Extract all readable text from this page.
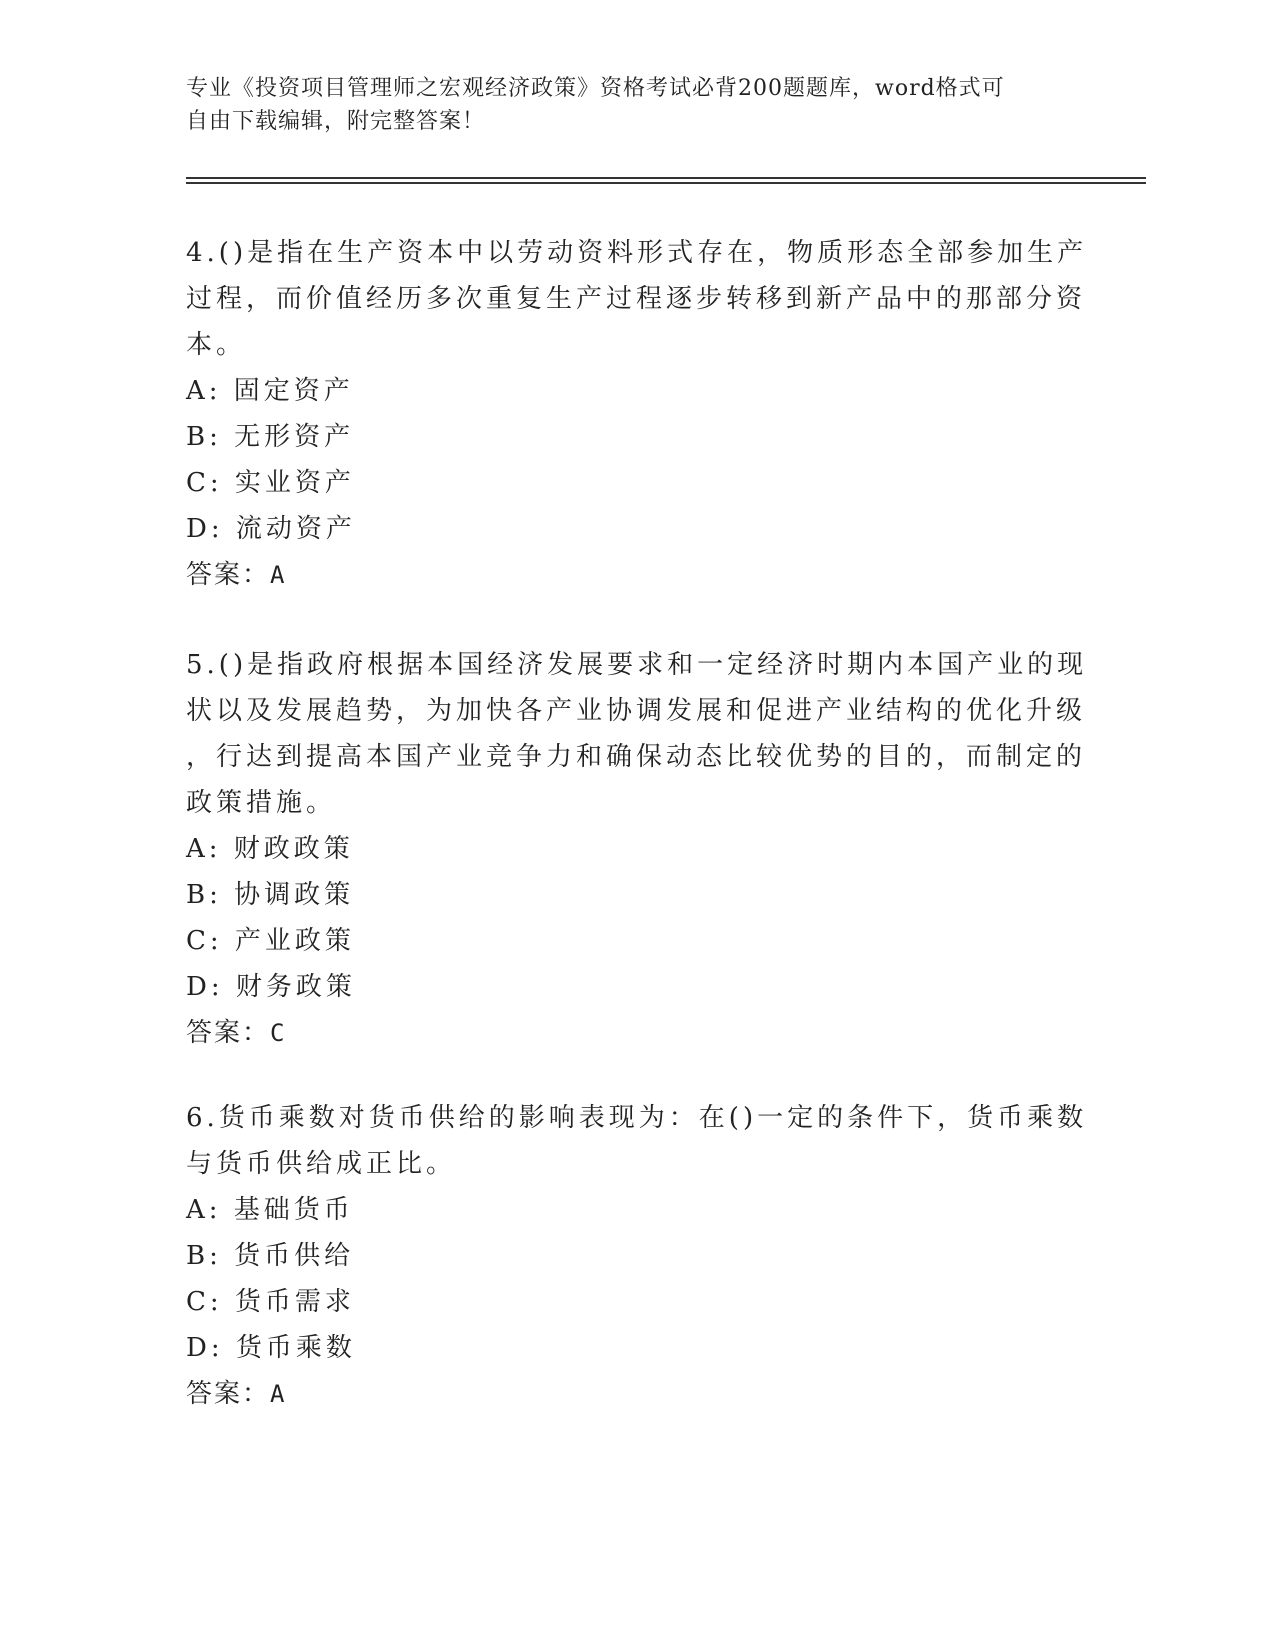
专业《投资项目管理师之宏观经济政策》资格考试必背200题题库，word格式可
自由下载编辑，附完整答案！
4.()是指在生产资本中以劳动资料形式存在，物质形态全部参加生产
过程，而价值经历多次重复生产过程逐步转移到新产品中的那部分资
本。
A: 固定资产
B: 无形资产
C: 实业资产
D: 流动资产
答案：A
5.()是指政府根据本国经济发展要求和一定经济时期内本国产业的现
状以及发展趋势，为加快各产业协调发展和促进产业结构的优化升级
，行达到提高本国产业竞争力和确保动态比较优势的目的，而制定的
政策措施。
A: 财政政策
B: 协调政策
C: 产业政策
D: 财务政策
答案：C
6.货币乘数对货币供给的影响表现为：在()一定的条件下，货币乘数
与货币供给成正比。
A: 基础货币
B: 货币供给
C: 货币需求
D: 货币乘数
答案：A
